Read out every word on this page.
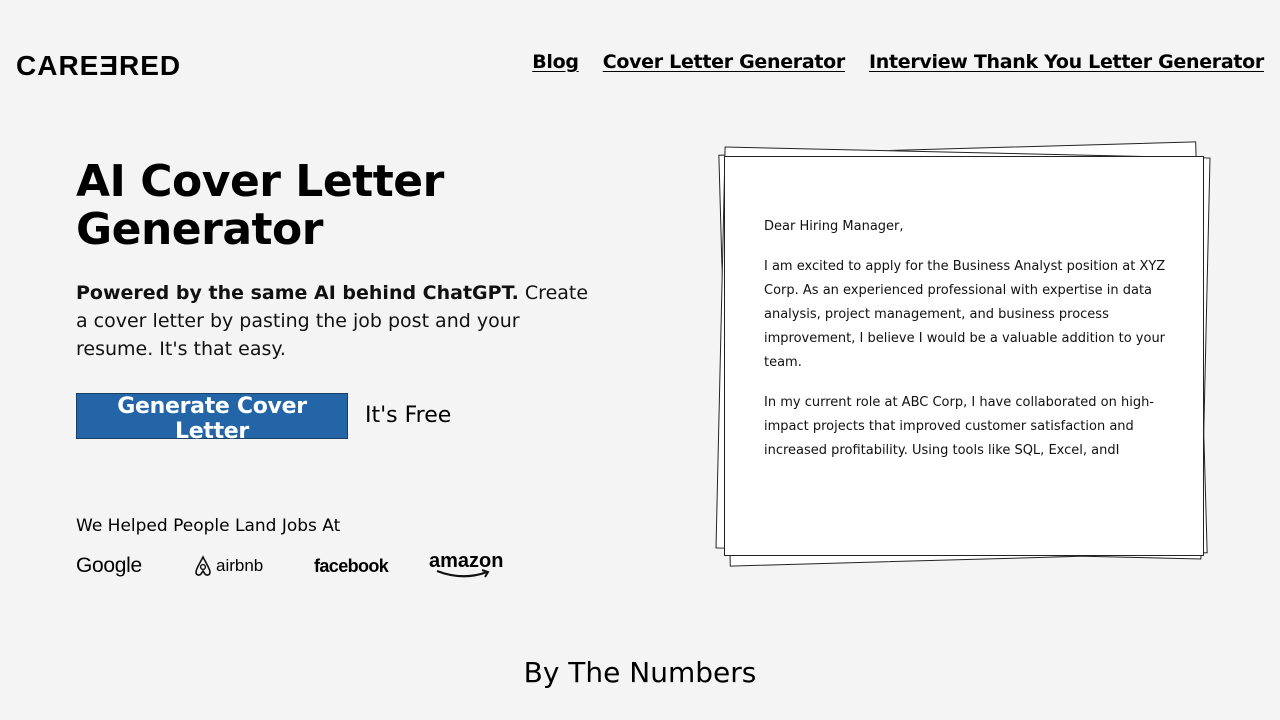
CAREƎRED	Blog Cover Letter Generator Interview Thank You Letter Generator
AI Cover Letter Generator

Powered by the same AI behind ChatGPT. Create a cover letter by pasting the job post and your resume. It's that easy.

Generate Cover Letter
It's Free
We Helped People Land Jobs At
Google	airbnb	facebook amazon

Dear Hiring Manager,

I am excited to apply for the Business Analyst position at XYZ Corp. As an experienced professional with expertise in data analysis, project management, and business process improvement, I believe I would be a valuable addition to your team.

In my current role at ABC Corp, I have collaborated on high-impact projects that improved customer satisfaction and increased profitability. Using tools like SQL, Excel, andI

By The Numbers
